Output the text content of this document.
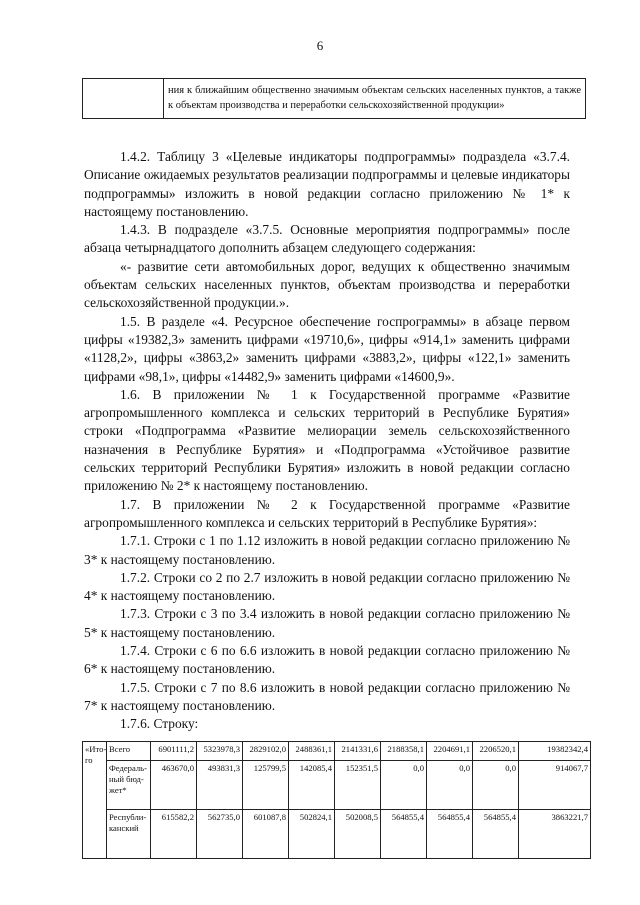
6
	ния к ближайшим общественно значимым объектам сельских населенных пунктов, а также к объектам производства и переработки сельскохозяйственной продукции»

1.4.2. Таблицу 3 «Целевые индикаторы подпрограммы» подраздела «3.7.4. Описание ожидаемых результатов реализации подпрограммы и целевые индикаторы подпрограммы» изложить в новой редакции согласно приложению № 1* к настоящему постановлению.

1.4.3. В подразделе «3.7.5. Основные мероприятия подпрограммы» после абзаца четырнадцатого дополнить абзацем следующего содержания:

«- развитие сети автомобильных дорог, ведущих к общественно значимым объектам сельских населенных пунктов, объектам производства и переработки сельскохозяйственной продукции.».

1.5. В разделе «4. Ресурсное обеспечение госпрограммы» в абзаце первом цифры «19382,3» заменить цифрами «19710,6», цифры «914,1» заменить цифрами «1128,2», цифры «3863,2» заменить цифрами «3883,2», цифры «122,1» заменить цифрами «98,1», цифры «14482,9» заменить цифрами «14600,9».

1.6. В приложении № 1 к Государственной программе «Развитие агропромышленного комплекса и сельских территорий в Республике Бурятия» строки «Подпрограмма «Развитие мелиорации земель сельскохозяйственного назначения в Республике Бурятия» и «Подпрограмма «Устойчивое развитие сельских территорий Республики Бурятия» изложить в новой редакции согласно приложению № 2* к настоящему постановлению.

1.7. В приложении № 2 к Государственной программе «Развитие агропромышленного комплекса и сельских территорий в Республике Бурятия»:

1.7.1. Строки с 1 по 1.12 изложить в новой редакции согласно приложению № 3* к настоящему постановлению.

1.7.2. Строки со 2 по 2.7 изложить в новой редакции согласно приложению № 4* к настоящему постановлению.

1.7.3. Строки с 3 по 3.4 изложить в новой редакции согласно приложению № 5* к настоящему постановлению.

1.7.4. Строки с 6 по 6.6 изложить в новой редакции согласно приложению № 6* к настоящему постановлению.

1.7.5. Строки с 7 по 8.6 изложить в новой редакции согласно приложению № 7* к настоящему постановлению.

1.7.6. Строку:

«Ито-го	Всего	6901111,2	5323978,3	2829102,0	2488361,1	2141331,6	2188358,1	2204691,1	2206520,1	19382342,4
	Федераль-ный бюд-жет*	463670,0	493831,3	125799,5	142085,4	152351,5	0,0	0,0	0,0	914067,7
	Республи-канский	615582,2	562735,0	601087,8	502824,1	502008,5	564855,4	564855,4	564855,4	3863221,7
